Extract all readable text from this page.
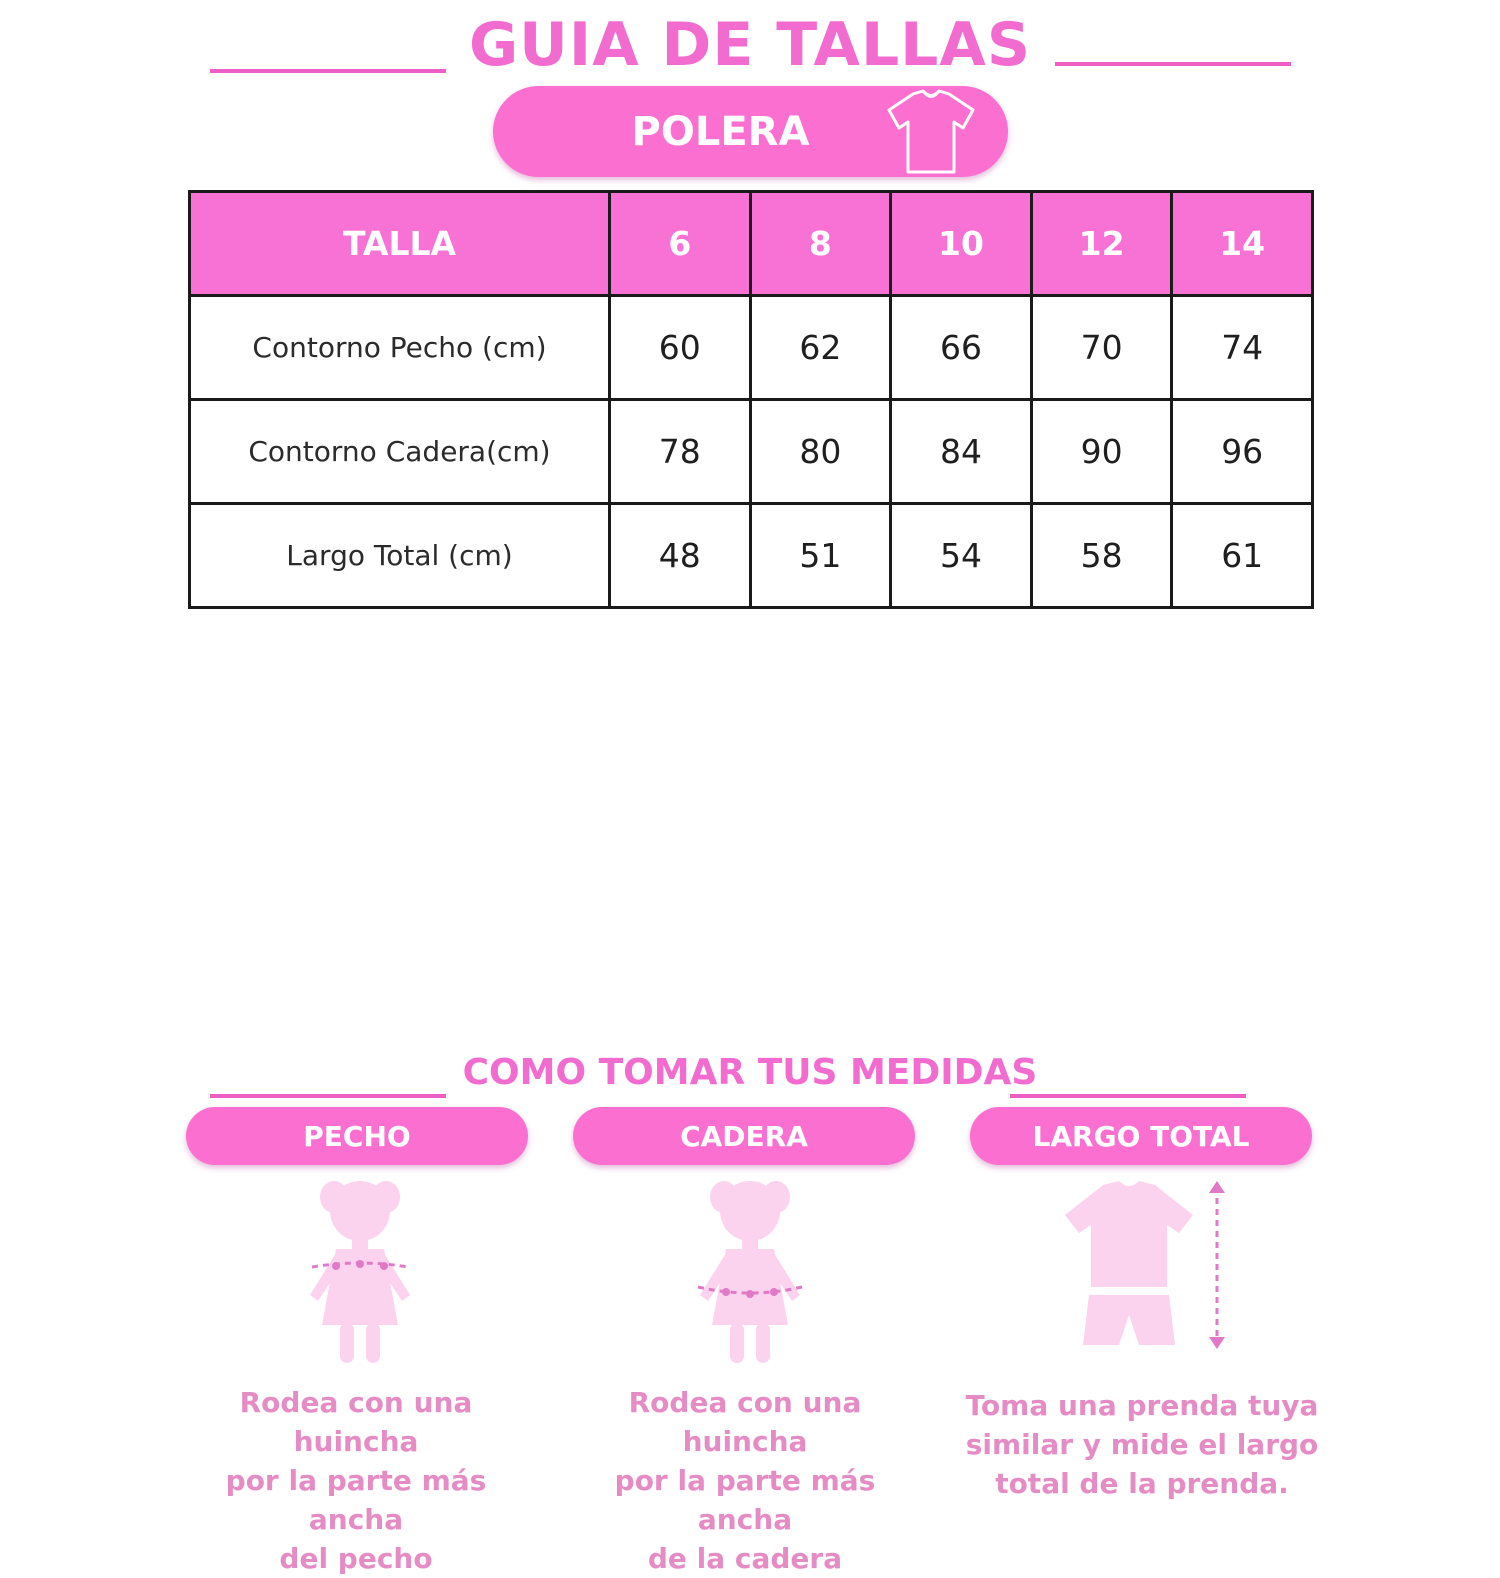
GUIA DE TALLAS
POLERA
TALLA	6	8	10	12	14
Contorno Pecho (cm)	60	62	66	70	74
Contorno Cadera(cm)	78	80	84	90	96
Largo Total (cm)	48	51	54	58	61
COMO TOMAR TUS MEDIDAS
PECHO	CADERA	LARGO TOTAL
Rodea con una huincha
por la parte más ancha
del pecho
Rodea con una huincha
por la parte más ancha
de la cadera
Toma una prenda tuya
similar y mide el largo
total de la prenda.
